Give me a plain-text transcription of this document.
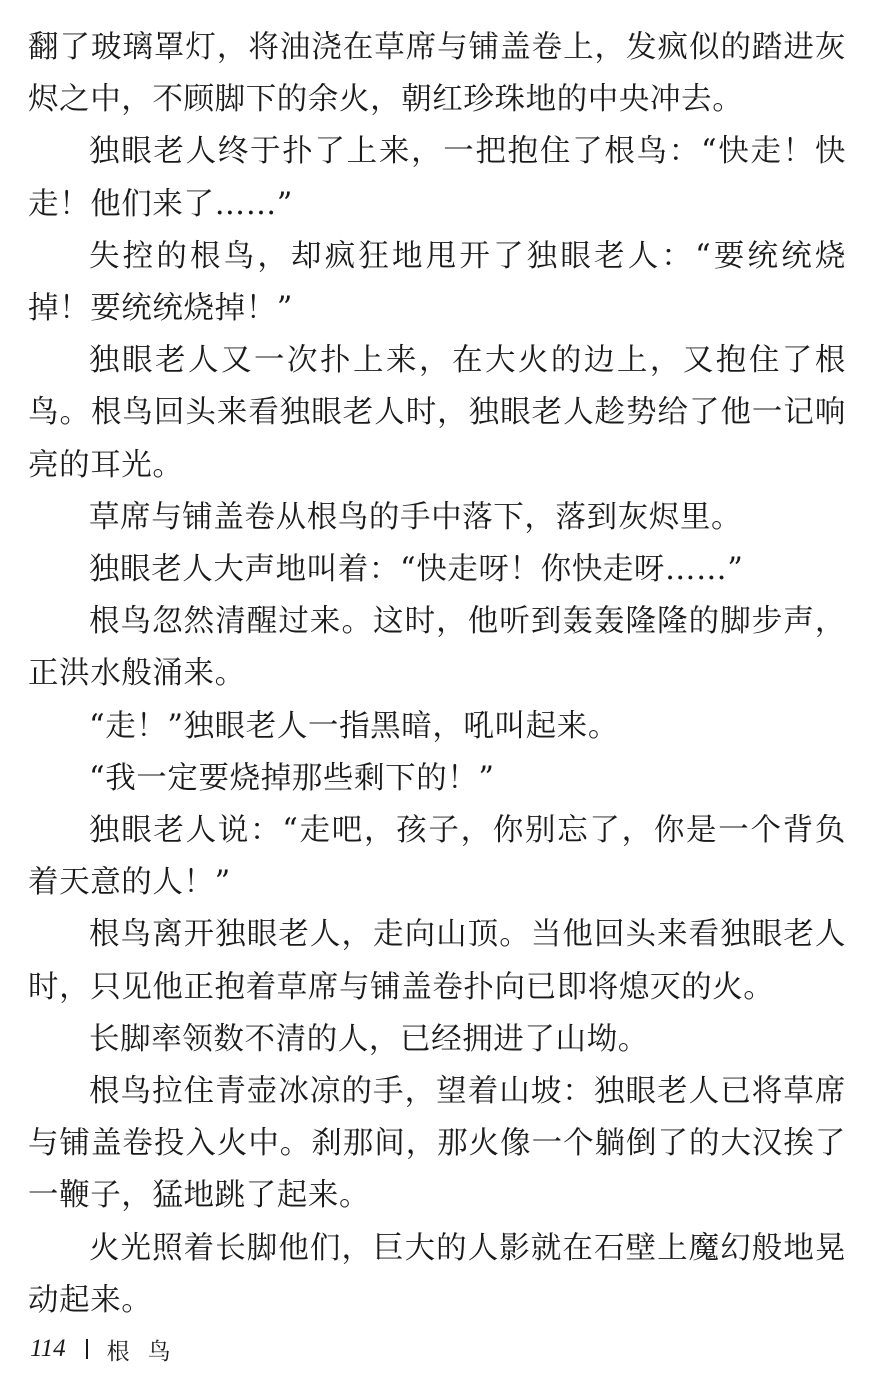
翻了玻璃罩灯，将油浇在草席与铺盖卷上，发疯似的踏进灰烬之中，不顾脚下的余火，朝红珍珠地的中央冲去。

独眼老人终于扑了上来，一把抱住了根鸟：“快走！快走！他们来了……”

失控的根鸟，却疯狂地甩开了独眼老人：“要统统烧掉！要统统烧掉！”

独眼老人又一次扑上来，在大火的边上，又抱住了根鸟。根鸟回头来看独眼老人时，独眼老人趁势给了他一记响亮的耳光。

草席与铺盖卷从根鸟的手中落下，落到灰烬里。

独眼老人大声地叫着：“快走呀！你快走呀……”

根鸟忽然清醒过来。这时，他听到轰轰隆隆的脚步声，正洪水般涌来。

“走！”独眼老人一指黑暗，吼叫起来。

“我一定要烧掉那些剩下的！”

独眼老人说：“走吧，孩子，你别忘了，你是一个背负着天意的人！”

根鸟离开独眼老人，走向山顶。当他回头来看独眼老人时，只见他正抱着草席与铺盖卷扑向已即将熄灭的火。

长脚率领数不清的人，已经拥进了山坳。

根鸟拉住青壶冰凉的手，望着山坡：独眼老人已将草席与铺盖卷投入火中。刹那间，那火像一个躺倒了的大汉挨了一鞭子，猛地跳了起来。

火光照着长脚他们，巨大的人影就在石壁上魔幻般地晃动起来。

114 根鸟
